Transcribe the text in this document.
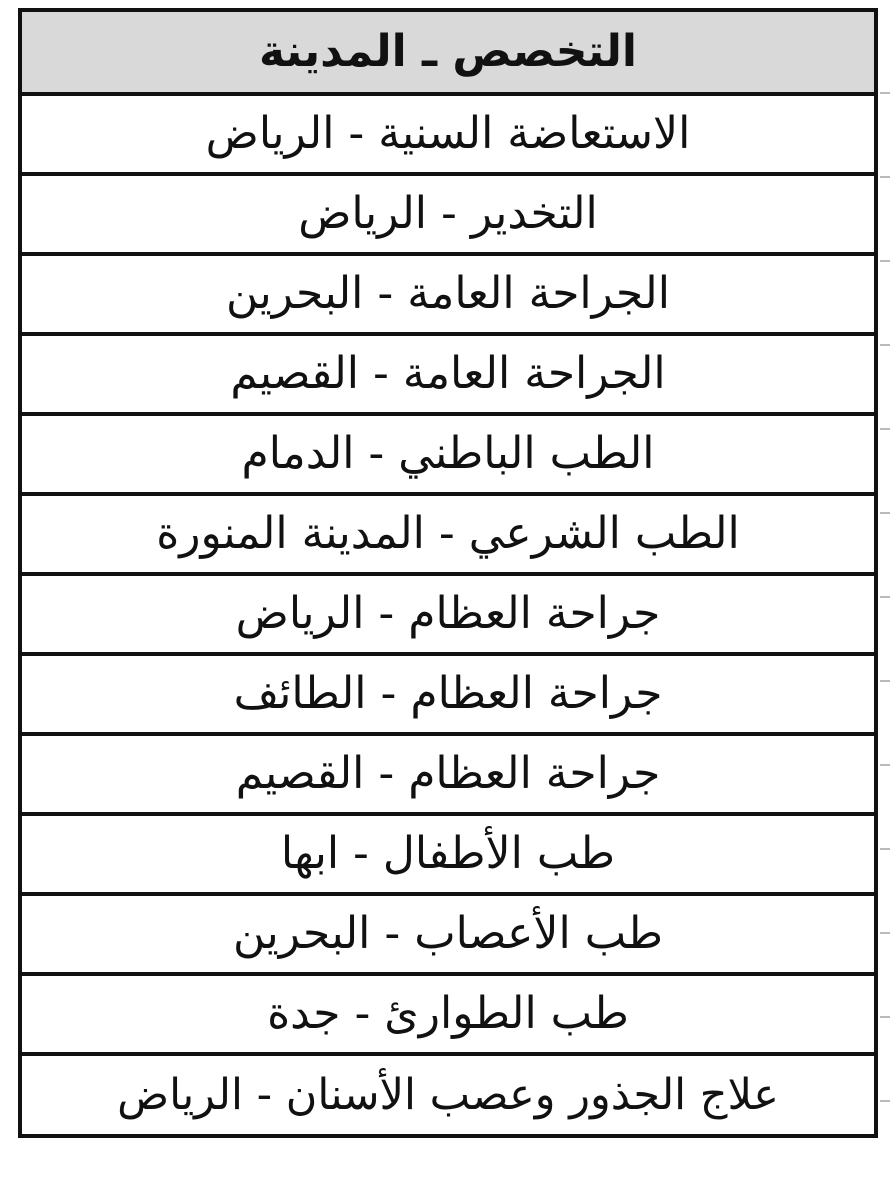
التخصص ـ المدينة
الاستعاضة السنية - الرياض
التخدير - الرياض
الجراحة العامة - البحرين
الجراحة العامة - القصيم
الطب الباطني - الدمام
الطب الشرعي - المدينة المنورة
جراحة العظام - الرياض
جراحة العظام - الطائف
جراحة العظام - القصيم
طب الأطفال - ابها
طب الأعصاب - البحرين
طب الطوارئ - جدة
علاج الجذور وعصب الأسنان - الرياض
